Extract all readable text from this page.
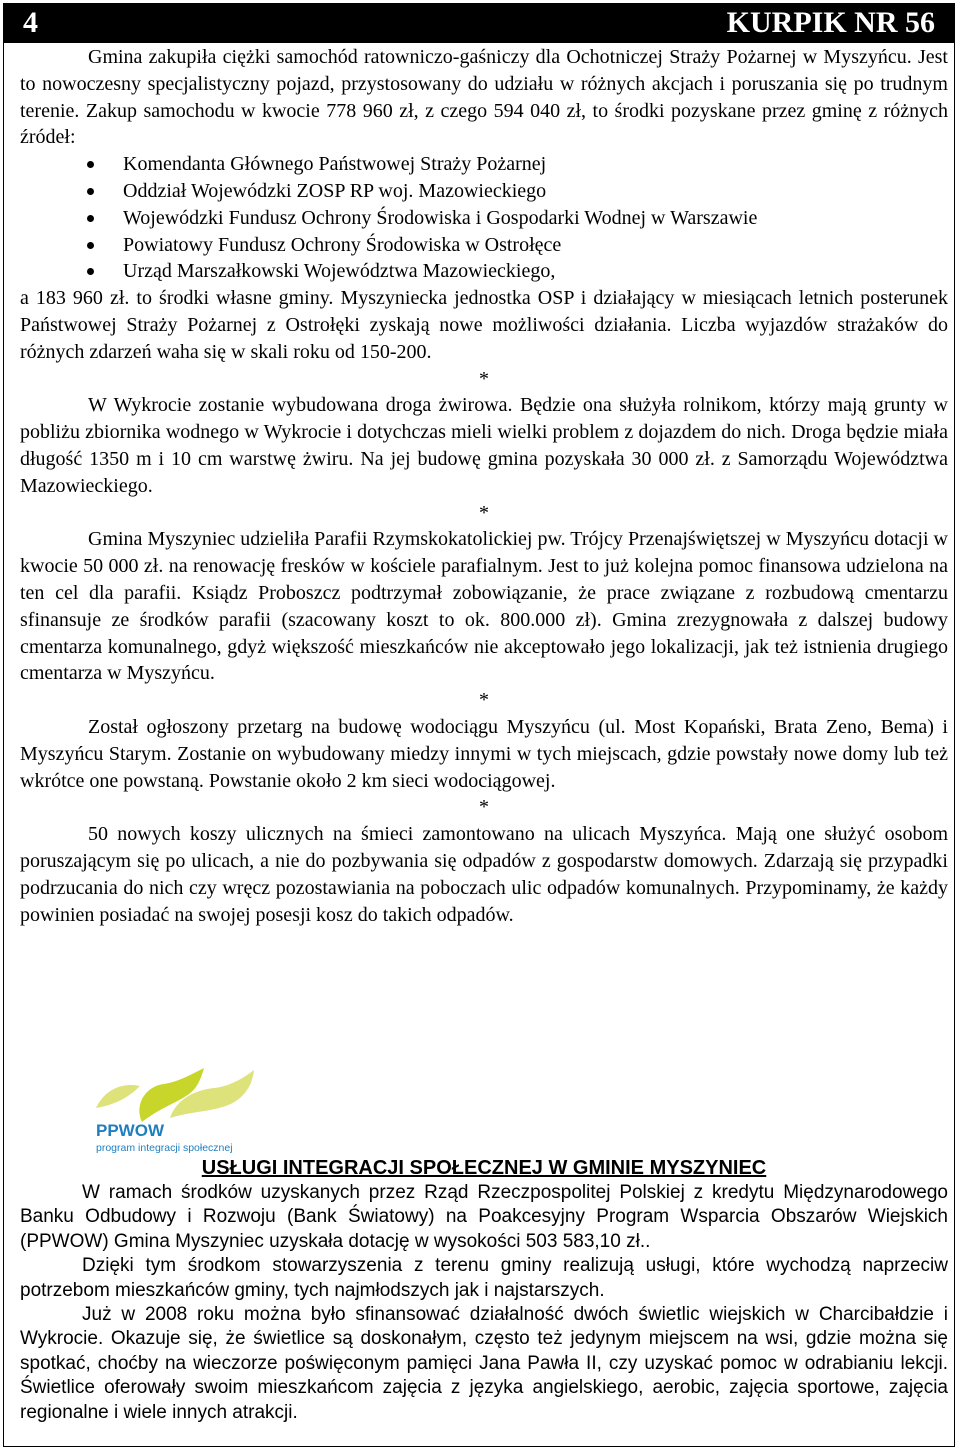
4	KURPIK NR 56

Gmina zakupiła ciężki samochód ratowniczo-gaśniczy dla Ochotniczej Straży Pożarnej w Myszyńcu. Jest to nowoczesny specjalistyczny pojazd, przystosowany do udziału w różnych akcjach i poruszania się po trudnym terenie. Zakup samochodu w kwocie 778 960 zł, z czego 594 040 zł, to środki pozyskane przez gminę z różnych źródeł:

Komendanta Głównego Państwowej Straży Pożarnej
Oddział Wojewódzki ZOSP RP woj. Mazowieckiego
Wojewódzki Fundusz Ochrony Środowiska i Gospodarki Wodnej w Warszawie
Powiatowy Fundusz Ochrony Środowiska w Ostrołęce
Urząd Marszałkowski Województwa Mazowieckiego,

a 183 960 zł. to środki własne gminy. Myszyniecka jednostka OSP i działający w miesiącach letnich posterunek Państwowej Straży Pożarnej z Ostrołęki zyskają nowe możliwości działania. Liczba wyjazdów strażaków do różnych zdarzeń waha się w skali roku od 150-200.

*

W Wykrocie zostanie wybudowana droga żwirowa. Będzie ona służyła rolnikom, którzy mają grunty w pobliżu zbiornika wodnego w Wykrocie i dotychczas mieli wielki problem z dojazdem do nich. Droga będzie miała długość 1350 m i 10 cm warstwę żwiru. Na jej budowę gmina pozyskała 30 000 zł. z Samorządu Województwa Mazowieckiego.

*

Gmina Myszyniec udzieliła Parafii Rzymskokatolickiej pw. Trójcy Przenajświętszej w Myszyńcu dotacji w kwocie 50 000 zł. na renowację fresków w kościele parafialnym. Jest to już kolejna pomoc finansowa udzielona na ten cel dla parafii. Ksiądz Proboszcz podtrzymał zobowiązanie, że prace związane z rozbudową cmentarzu sfinansuje ze środków parafii (szacowany koszt to ok. 800.000 zł). Gmina zrezygnowała z dalszej budowy cmentarza komunalnego, gdyż większość mieszkańców nie akceptowało jego lokalizacji, jak też istnienia drugiego cmentarza w Myszyńcu.

*

Został ogłoszony przetarg na budowę wodociągu Myszyńcu (ul. Most Kopański, Brata Zeno, Bema) i Myszyńcu Starym. Zostanie on wybudowany miedzy innymi w tych miejscach, gdzie powstały nowe domy lub też wkrótce one powstaną. Powstanie około 2 km sieci wodociągowej.

*

50 nowych koszy ulicznych na śmieci zamontowano na ulicach Myszyńca. Mają one służyć osobom poruszającym się po ulicach, a nie do pozbywania się odpadów z gospodarstw domowych. Zdarzają się przypadki podrzucania do nich czy wręcz pozostawiania na poboczach ulic odpadów komunalnych. Przypominamy, że każdy powinien posiadać na swojej posesji kosz do takich odpadów.

PPWOW
program integracji społecznej
USŁUGI INTEGRACJI SPOŁECZNEJ W GMINIE MYSZYNIEC

W ramach środków uzyskanych przez Rząd Rzeczpospolitej Polskiej z kredytu Międzynarodowego Banku Odbudowy i Rozwoju (Bank Światowy) na Poakcesyjny Program Wsparcia Obszarów Wiejskich (PPWOW) Gmina Myszyniec uzyskała dotację w wysokości 503 583,10 zł..

Dzięki tym środkom stowarzyszenia z terenu gminy realizują usługi, które wychodzą naprzeciw potrzebom mieszkańców gminy, tych najmłodszych jak i najstarszych.

Już w 2008 roku można było sfinansować działalność dwóch świetlic wiejskich w Charcibałdzie i Wykrocie. Okazuje się, że świetlice są doskonałym, często też jedynym miejscem na wsi, gdzie można się spotkać, choćby na wieczorze poświęconym pamięci Jana Pawła II, czy uzyskać pomoc w odrabianiu lekcji. Świetlice oferowały swoim mieszkańcom zajęcia z języka angielskiego, aerobic, zajęcia sportowe, zajęcia regionalne i wiele innych atrakcji.
